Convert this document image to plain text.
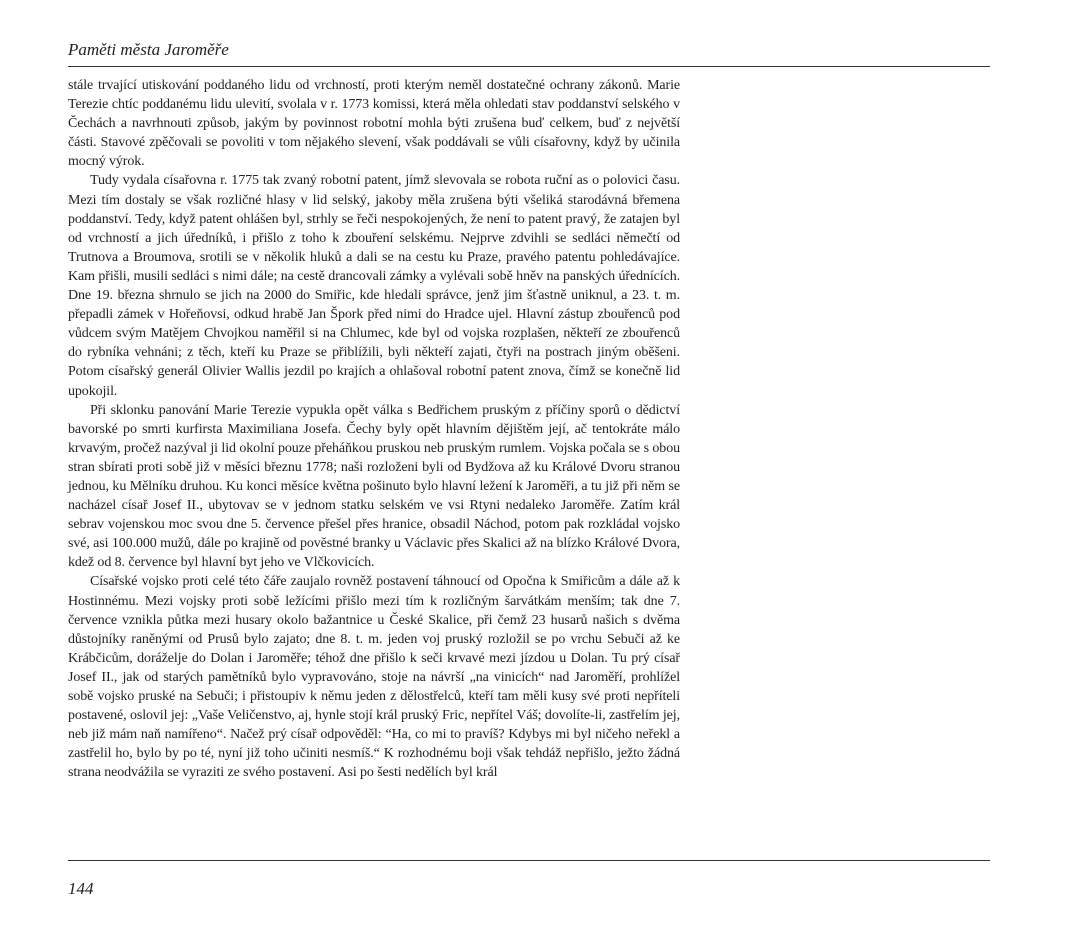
Paměti města Jaroměře

stále trvající utiskování poddaného lidu od vrchností, proti kterým neměl dostatečné ochrany zákonů. Marie Terezie chtíc poddanému lidu ulevití, svolala v r. 1773 komissi, která měla ohledati stav poddanství selského v Čechách a navrhnouti způsob, jakým by povinnost robotní mohla býti zrušena buď celkem, buď z největší části. Stavové zpěčovali se povoliti v tom nějakého slevení, však poddávali se vůli císařovny, když by učinila mocný výrok.

Tudy vydala císařovna r. 1775 tak zvaný robotní patent, jímž slevovala se robota ruční as o polovici času. Mezi tím dostaly se však rozličné hlasy v lid selský, jakoby měla zrušena býti všeliká starodávná břemena poddanství. Tedy, když patent ohlášen byl, strhly se řeči nespokojených, že není to patent pravý, že zatajen byl od vrchností a jich úředníků, i přišlo z toho k zbouření selskému. Nejprve zdvihli se sedláci němečtí od Trutnova a Broumova, srotili se v několik hluků a dali se na cestu ku Praze, pravého patentu pohledávajíce. Kam přišli, musili sedláci s nimi dále; na cestě drancovali zámky a vylévali sobě hněv na panských úřednících. Dne 19. března shrnulo se jich na 2000 do Smiřic, kde hledali správce, jenž jim šťastně uniknul, a 23. t. m. přepadli zámek v Hořeňovsi, odkud hrabě Jan Špork před nimi do Hradce ujel. Hlavní zástup zbouřenců pod vůdcem svým Matějem Chvojkou naměřil si na Chlumec, kde byl od vojska rozplašen, někteří ze zbouřenců do rybníka vehnáni; z těch, kteří ku Praze se přiblížili, byli někteří zajati, čtyři na postrach jiným oběšeni. Potom císařský generál Olivier Wallis jezdil po krajích a ohlašoval robotní patent znova, čímž se konečně lid upokojil.

Při sklonku panování Marie Terezie vypukla opět válka s Bedřichem pruským z příčiny sporů o dědictví bavorské po smrti kurfirsta Maximiliana Josefa. Čechy byly opět hlavním dějištěm její, ač tentokráte málo krvavým, pročež nazýval ji lid okolní pouze přeháňkou pruskou neb pruským rumlem. Vojska počala se s obou stran sbírati proti sobě již v měsíci březnu 1778; naši rozloženi byli od Bydžova až ku Králové Dvoru stranou jednou, ku Mělníku druhou. Ku konci měsíce května pošinuto bylo hlavní ležení k Jaroměři, a tu již při něm se nacházel císař Josef II., ubytovav se v jednom statku selském ve vsi Rtyni nedaleko Jaroměře. Zatím král sebrav vojenskou moc svou dne 5. července přešel přes hranice, obsadil Náchod, potom pak rozkládal vojsko své, asi 100.000 mužů, dále po krajině od pověstné branky u Václavic přes Skalici až na blízko Králové Dvora, kdež od 8. července byl hlavní byt jeho ve Vlčkovicích.

Císařské vojsko proti celé této čáře zaujalo rovněž postavení táhnoucí od Opočna k Smiřicům a dále až k Hostinnému. Mezi vojsky proti sobě ležícími přišlo mezi tím k rozličným šarvátkám menším; tak dne 7. července vznikla půtka mezi husary okolo bažantnice u České Skalice, při čemž 23 husarů našich s dvěma důstojníky raněnými od Prusů bylo zajato; dne 8. t. m. jeden voj pruský rozložil se po vrchu Sebuči až ke Krábčicům, doráželje do Dolan i Jaroměře; téhož dne přišlo k seči krvavé mezi jízdou u Dolan. Tu prý císař Josef II., jak od starých pamětníků bylo vypravováno, stoje na návrší „na vinicích“ nad Jaroměří, prohlížel sobě vojsko pruské na Sebuči; i přistoupiv k němu jeden z dělostřelců, kteří tam měli kusy své proti nepříteli postavené, oslovil jej: „Vaše Veličenstvo, aj, hynle stojí král pruský Fric, nepřítel Váš; dovolíte-li, zastřelím jej, neb již mám naň namířeno“. Načež prý císař odpověděl: “Ha, co mi to pravíš? Kdybys mi byl ničeho neřekl a zastřelil ho, bylo by po té, nyní již toho učiniti nesmíš.“ K rozhodnému boji však tehdáž nepřišlo, ježto žádná strana neodvážila se vyraziti ze svého postavení. Asi po šesti nedělích byl král

144
